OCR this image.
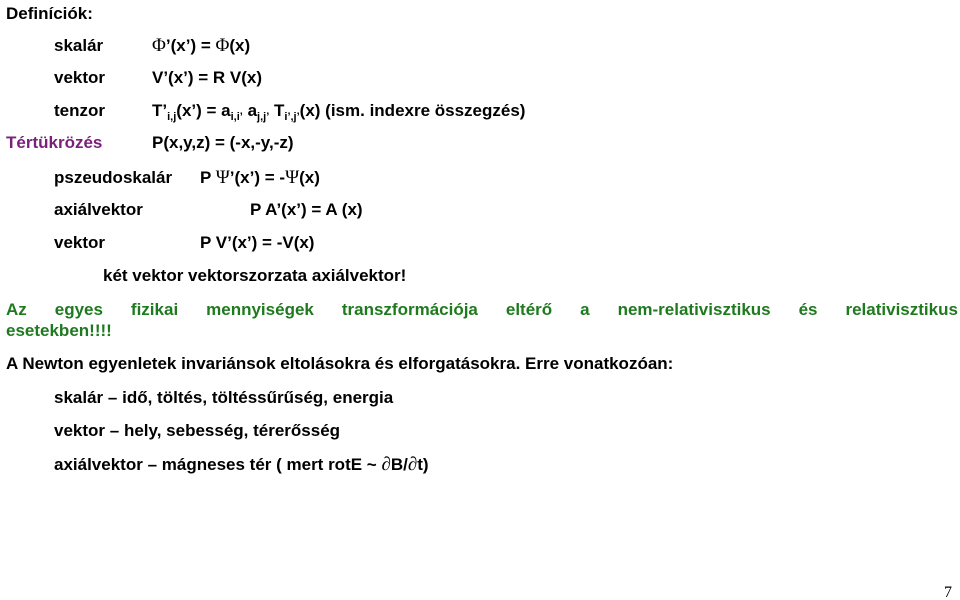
Definíciók:
skalár	Φ’(x’) = Φ(x)
vektor	V’(x’) = R V(x)
tenzor	$T’_{i,j}(x’) = a_{i,i’}$ $a_{j,j’}$ $T_{i’,j’}(x)$ (ism. indexre összegzés)
Tértükrözés	P(x,y,z) = (-x,-y,-z)
pszeudoskalár P Ψ’(x’) = -Ψ(x)
axiálvektor	P A’(x’) = A (x)
vektor	P V’(x’) = -V(x)
két vektor vektorszorzata axiálvektor!
Az egyes fizikai mennyiségek transzformációja eltérő a nem-relativisztikus és relativisztikus
esetekben!!!!
A Newton egyenletek invariánsok eltolásokra és elforgatásokra. Erre vonatkozóan:
skalár – idő, töltés, töltéssűrűség, energia
vektor – hely, sebesség, térerősség
axiálvektor – mágneses tér ( mert rotE ~ ∂B/∂t)
7
